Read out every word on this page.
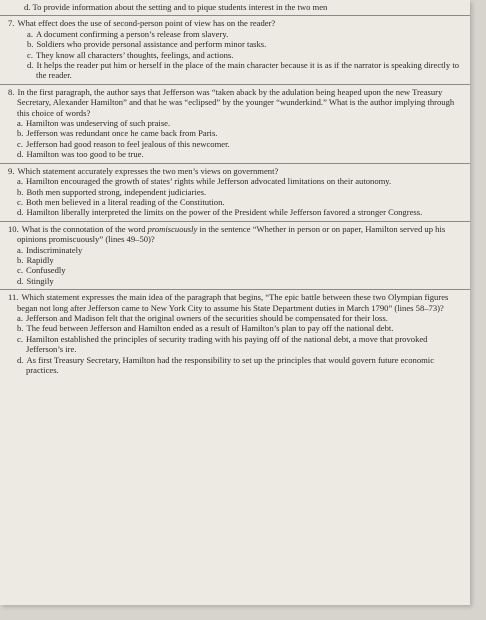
d. To provide information about the setting and to pique students interest in the two men

7. What effect does the use of second-person point of view has on the reader?

a. A document confirming a person’s release from slavery.
b. Soldiers who provide personal assistance and perform minor tasks.
c. They know all characters’ thoughts, feelings, and actions.
d. It helps the reader put him or herself in the place of the main character because it is as if the narrator is speaking directly to the reader.

8. In the first paragraph, the author says that Jefferson was “taken aback by the adulation being heaped upon the new Treasury Secretary, Alexander Hamilton” and that he was “eclipsed” by the younger “wunderkind.” What is the author implying through this choice of words?

a. Hamilton was undeserving of such praise.
b. Jefferson was redundant once he came back from Paris.
c. Jefferson had good reason to feel jealous of this newcomer.
d. Hamilton was too good to be true.

9. Which statement accurately expresses the two men’s views on government?

a. Hamilton encouraged the growth of states’ rights while Jefferson advocated limitations on their autonomy.
b. Both men supported strong, independent judiciaries.
c. Both men believed in a literal reading of the Constitution.
d. Hamilton liberally interpreted the limits on the power of the President while Jefferson favored a stronger Congress.

10. What is the connotation of the word promiscuously in the sentence “Whether in person or on paper, Hamilton served up his opinions promiscuously” (lines 49–50)?

a. Indiscriminately
b. Rapidly
c. Confusedly
d. Stingily

11. Which statement expresses the main idea of the paragraph that begins, “The epic battle between these two Olympian figures began not long after Jefferson came to New York City to assume his State Department duties in March 1790” (lines 58–73)?

a. Jefferson and Madison felt that the original owners of the securities should be compensated for their loss.
b. The feud between Jefferson and Hamilton ended as a result of Hamilton’s plan to pay off the national debt.
c. Hamilton established the principles of security trading with his paying off of the national debt, a move that provoked Jefferson’s ire.
d. As first Treasury Secretary, Hamilton had the responsibility to set up the principles that would govern future economic practices.
